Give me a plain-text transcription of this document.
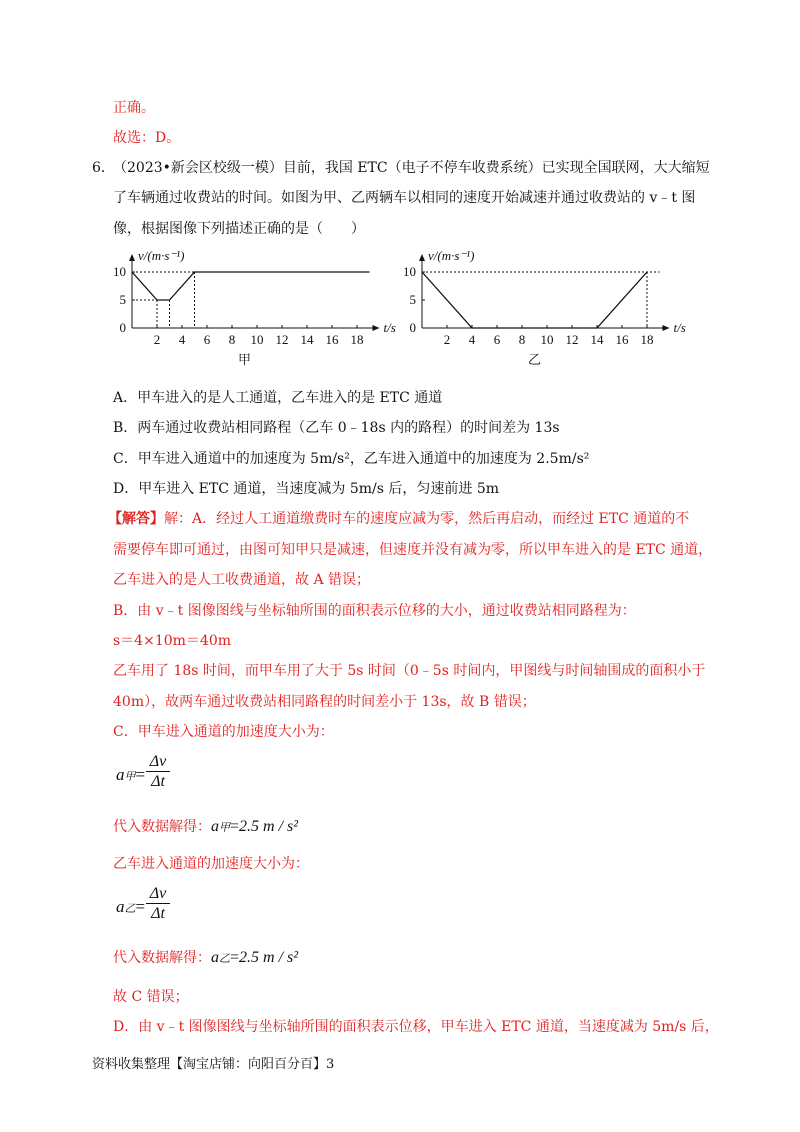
正确。
故选：D。
6．
（2023•新会区校级一模）目前，我国 ETC（电子不停车收费系统）已实现全国联网，大大缩短
了车辆通过收费站的时间。如图为甲、乙两辆车以相同的速度开始减速并通过收费站的 v﹣t 图
像，根据图像下列描述正确的是（　　）
0
5
10
2 4 6 8 10 12 14 16 18
v/(m·s⁻¹)
t/s
甲
0
5
10
2 4 6 8 10 12 14 16 18
v/(m·s⁻¹)
t/s
乙
A．甲车进入的是人工通道，乙车进入的是 ETC 通道
B．两车通过收费站相同路程（乙车 0﹣18s 内的路程）的时间差为 13s
C．甲车进入通道中的加速度为 5m/s²，乙车进入通道中的加速度为 2.5m/s²
D．甲车进入 ETC 通道，当速度减为 5m/s 后，匀速前进 5m
【解答】解：A．经过人工通道缴费时车的速度应减为零，然后再启动，而经过 ETC 通道的不
需要停车即可通过，由图可知甲只是减速，但速度并没有减为零，所以甲车进入的是 ETC 通道，
乙车进入的是人工收费通道，故 A 错误；
B．由 v﹣t 图像图线与坐标轴所围的面积表示位移的大小，通过收费站相同路程为：
s＝4×10m＝40m
乙车用了 18s 时间，而甲车用了大于 5s 时间（0﹣5s 时间内，甲图线与时间轴围成的面积小于
40m），故两车通过收费站相同路程的时间差小于 13s，故 B 错误；
C．甲车进入通道的加速度大小为：
a甲=
Δv
Δt
代入数据解得：a甲=2.5 m / s²
乙车进入通道的加速度大小为：
a乙=
Δv
Δt
代入数据解得：a乙=2.5 m / s²
故 C 错误；
D．由 v﹣t 图像图线与坐标轴所围的面积表示位移，甲车进入 ETC 通道，当速度减为 5m/s 后，
资料收集整理【淘宝店铺：向阳百分百】3
